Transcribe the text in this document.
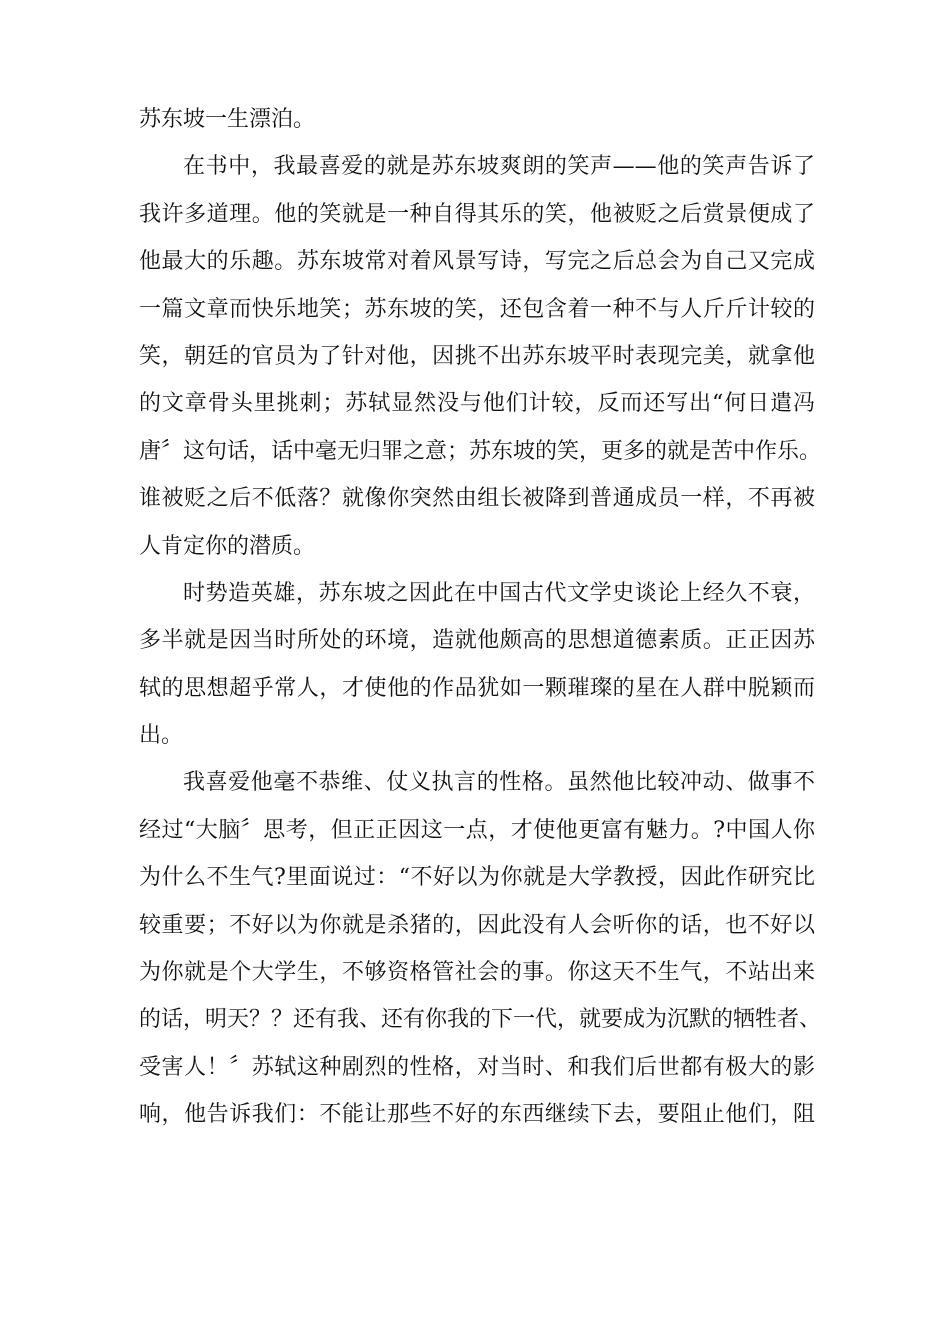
苏东坡一生漂泊。
在书中，我最喜爱的就是苏东坡爽朗的笑声——他的笑声告诉了
我许多道理。他的笑就是一种自得其乐的笑，他被贬之后赏景便成了
他最大的乐趣。苏东坡常对着风景写诗，写完之后总会为自己又完成
一篇文章而快乐地笑；苏东坡的笑，还包含着一种不与人斤斤计较的
笑，朝廷的官员为了针对他，因挑不出苏东坡平时表现完美，就拿他
的文章骨头里挑刺；苏轼显然没与他们计较，反而还写出“何日遣冯
唐〞这句话，话中毫无归罪之意；苏东坡的笑，更多的就是苦中作乐。
谁被贬之后不低落？就像你突然由组长被降到普通成员一样，不再被
人肯定你的潜质。
时势造英雄，苏东坡之因此在中国古代文学史谈论上经久不衰，
多半就是因当时所处的环境，造就他颇高的思想道德素质。正正因苏
轼的思想超乎常人，才使他的作品犹如一颗璀璨的星在人群中脱颖而
出。
我喜爱他毫不恭维、仗义执言的性格。虽然他比较冲动、做事不
经过“大脑〞思考，但正正因这一点，才使他更富有魅力。?中国人你
为什么不生气?里面说过：“不好以为你就是大学教授，因此作研究比
较重要；不好以为你就是杀猪的，因此没有人会听你的话，也不好以
为你就是个大学生，不够资格管社会的事。你这天不生气，不站出来
的话，明天？？还有我、还有你我的下一代，就要成为沉默的牺牲者、
受害人！〞苏轼这种剧烈的性格，对当时、和我们后世都有极大的影
响，他告诉我们：不能让那些不好的东西继续下去，要阻止他们，阻
